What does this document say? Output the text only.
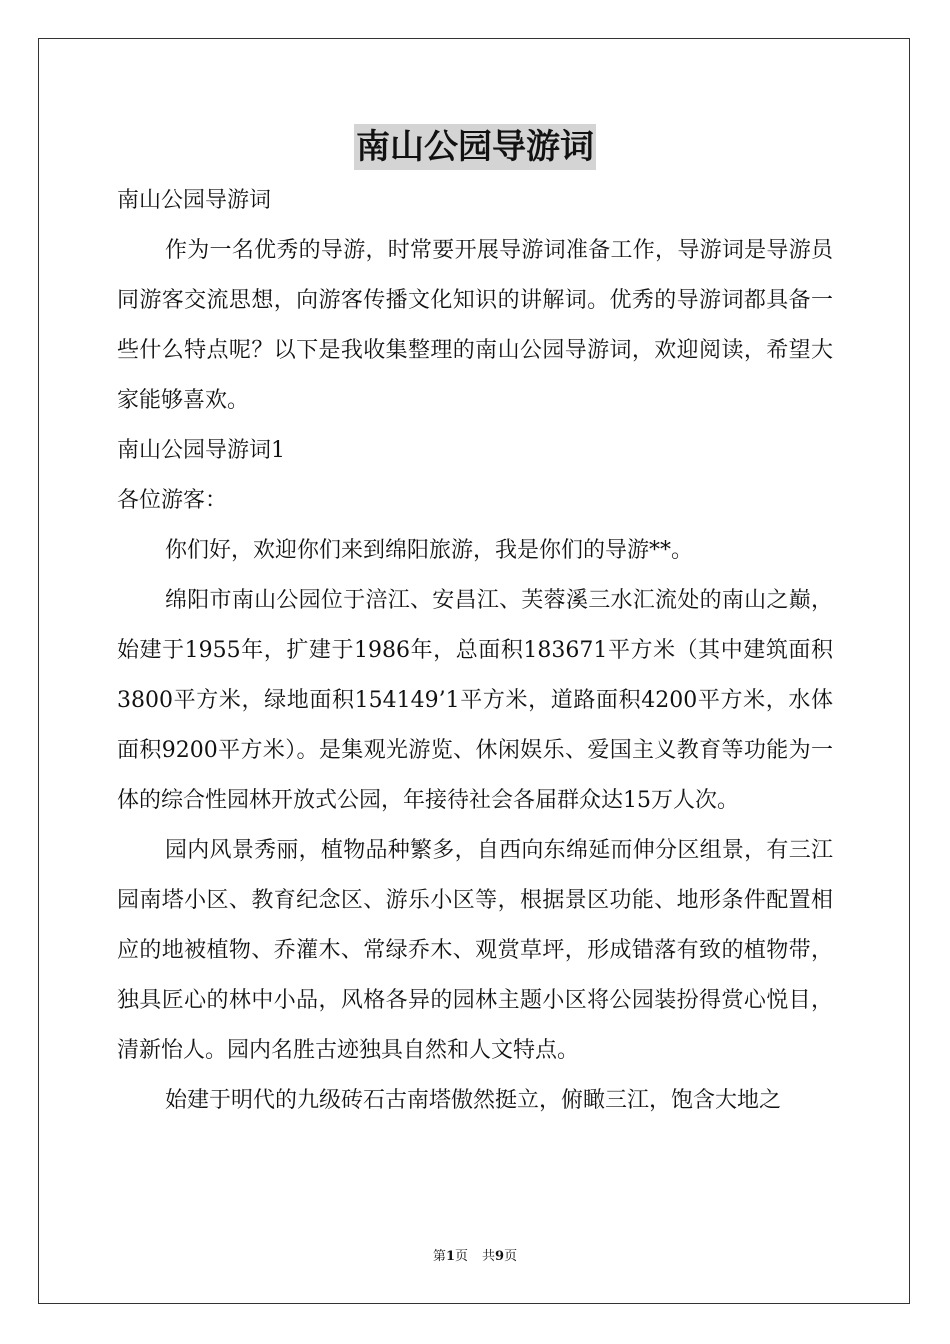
南山公园导游词

南山公园导游词

作为一名优秀的导游，时常要开展导游词准备工作，导游词是导游员同游客交流思想，向游客传播文化知识的讲解词。优秀的导游词都具备一些什么特点呢？以下是我收集整理的南山公园导游词，欢迎阅读，希望大家能够喜欢。

南山公园导游词1

各位游客：

你们好，欢迎你们来到绵阳旅游，我是你们的导游**。

绵阳市南山公园位于涪江、安昌江、芙蓉溪三水汇流处的南山之巅，始建于1955年，扩建于1986年，总面积183671平方米（其中建筑面积3800平方米，绿地面积154149’1平方米，道路面积4200平方米，水体面积9200平方米）。是集观光游览、休闲娱乐、爱国主义教育等功能为一体的综合性园林开放式公园，年接待社会各届群众达15万人次。

园内风景秀丽，植物品种繁多，自西向东绵延而伸分区组景，有三江园南塔小区、教育纪念区、游乐小区等，根据景区功能、地形条件配置相应的地被植物、乔灌木、常绿乔木、观赏草坪，形成错落有致的植物带，独具匠心的林中小品，风格各异的园林主题小区将公园装扮得赏心悦目，清新怡人。园内名胜古迹独具自然和人文特点。

始建于明代的九级砖石古南塔傲然挺立，俯瞰三江，饱含大地之

第1页 共9页
